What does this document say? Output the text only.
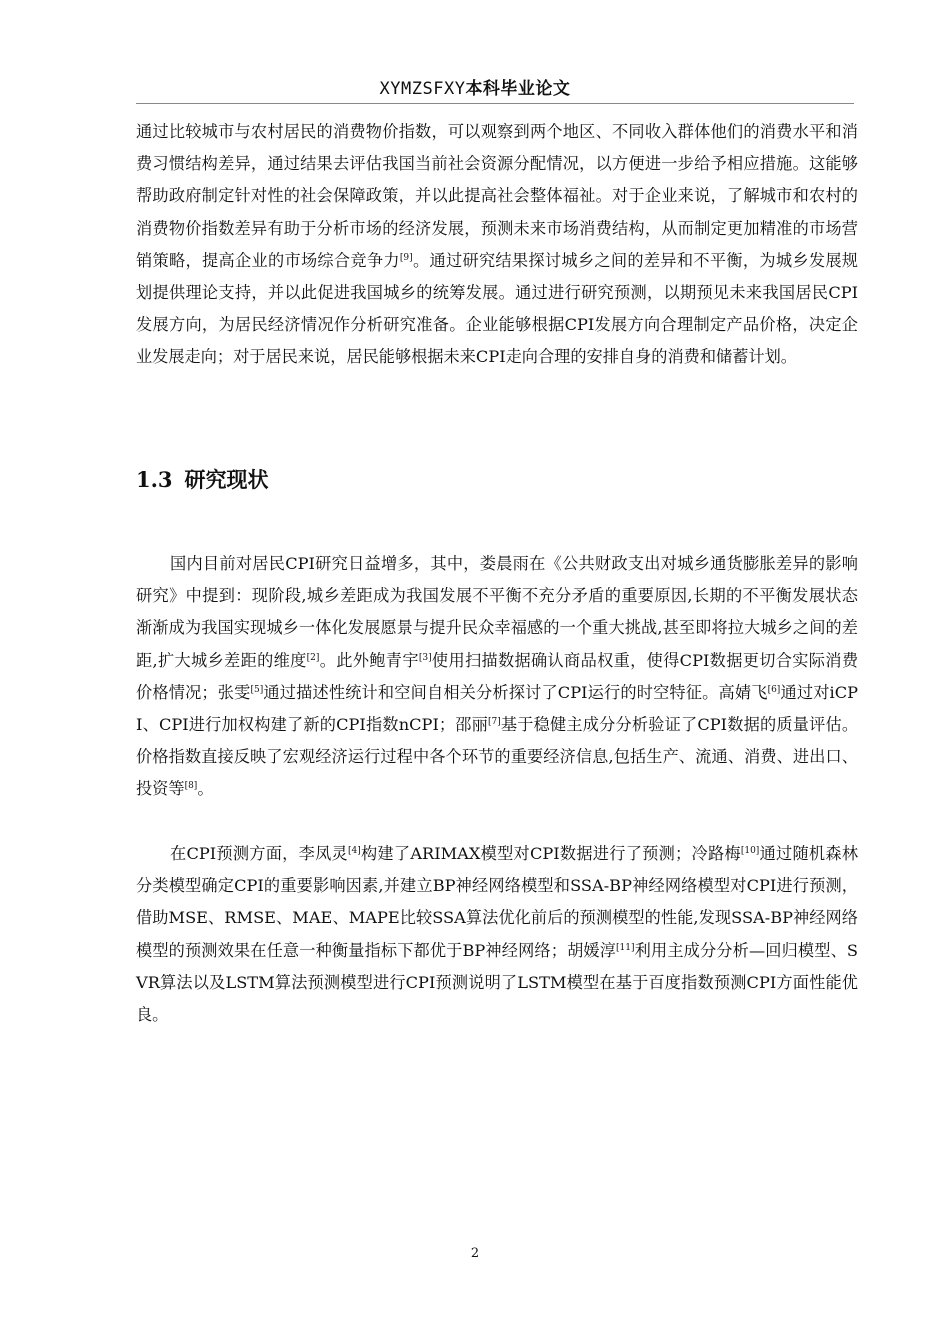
XYMZSFXY本科毕业论文

通过比较城市与农村居民的消费物价指数，可以观察到两个地区、不同收入群体他们的消费水平和消费习惯结构差异，通过结果去评估我国当前社会资源分配情况，以方便进一步给予相应措施。这能够帮助政府制定针对性的社会保障政策，并以此提高社会整体福祉。对于企业来说，了解城市和农村的消费物价指数差异有助于分析市场的经济发展，预测未来市场消费结构，从而制定更加精准的市场营销策略，提高企业的市场综合竞争力[9]。通过研究结果探讨城乡之间的差异和不平衡，为城乡发展规划提供理论支持，并以此促进我国城乡的统筹发展。通过进行研究预测，以期预见未来我国居民CPI发展方向，为居民经济情况作分析研究准备。企业能够根据CPI发展方向合理制定产品价格，决定企业发展走向；对于居民来说，居民能够根据未来CPI走向合理的安排自身的消费和储蓄计划。

1.3 研究现状

国内目前对居民CPI研究日益增多，其中，娄晨雨在《公共财政支出对城乡通货膨胀差异的影响研究》中提到：现阶段,城乡差距成为我国发展不平衡不充分矛盾的重要原因,长期的不平衡发展状态渐渐成为我国实现城乡一体化发展愿景与提升民众幸福感的一个重大挑战,甚至即将拉大城乡之间的差距,扩大城乡差距的维度[2]。此外鲍青宇[3]使用扫描数据确认商品权重，使得CPI数据更切合实际消费价格情况；张雯[5]通过描述性统计和空间自相关分析探讨了CPI运行的时空特征。高婧飞[6]通过对iCPI、CPI进行加权构建了新的CPI指数nCPI；邵丽[7]基于稳健主成分分析验证了CPI数据的质量评估。价格指数直接反映了宏观经济运行过程中各个环节的重要经济信息,包括生产、流通、消费、进出口、投资等[8]。

在CPI预测方面，李凤灵[4]构建了ARIMAX模型对CPI数据进行了预测；冷路梅[10]通过随机森林分类模型确定CPI的重要影响因素,并建立BP神经网络模型和SSA-BP神经网络模型对CPI进行预测，借助MSE、RMSE、MAE、MAPE比较SSA算法优化前后的预测模型的性能,发现SSA-BP神经网络模型的预测效果在任意一种衡量指标下都优于BP神经网络；胡媛淳[11]利用主成分分析—回归模型、SVR算法以及LSTM算法预测模型进行CPI预测说明了LSTM模型在基于百度指数预测CPI方面性能优良。

2
